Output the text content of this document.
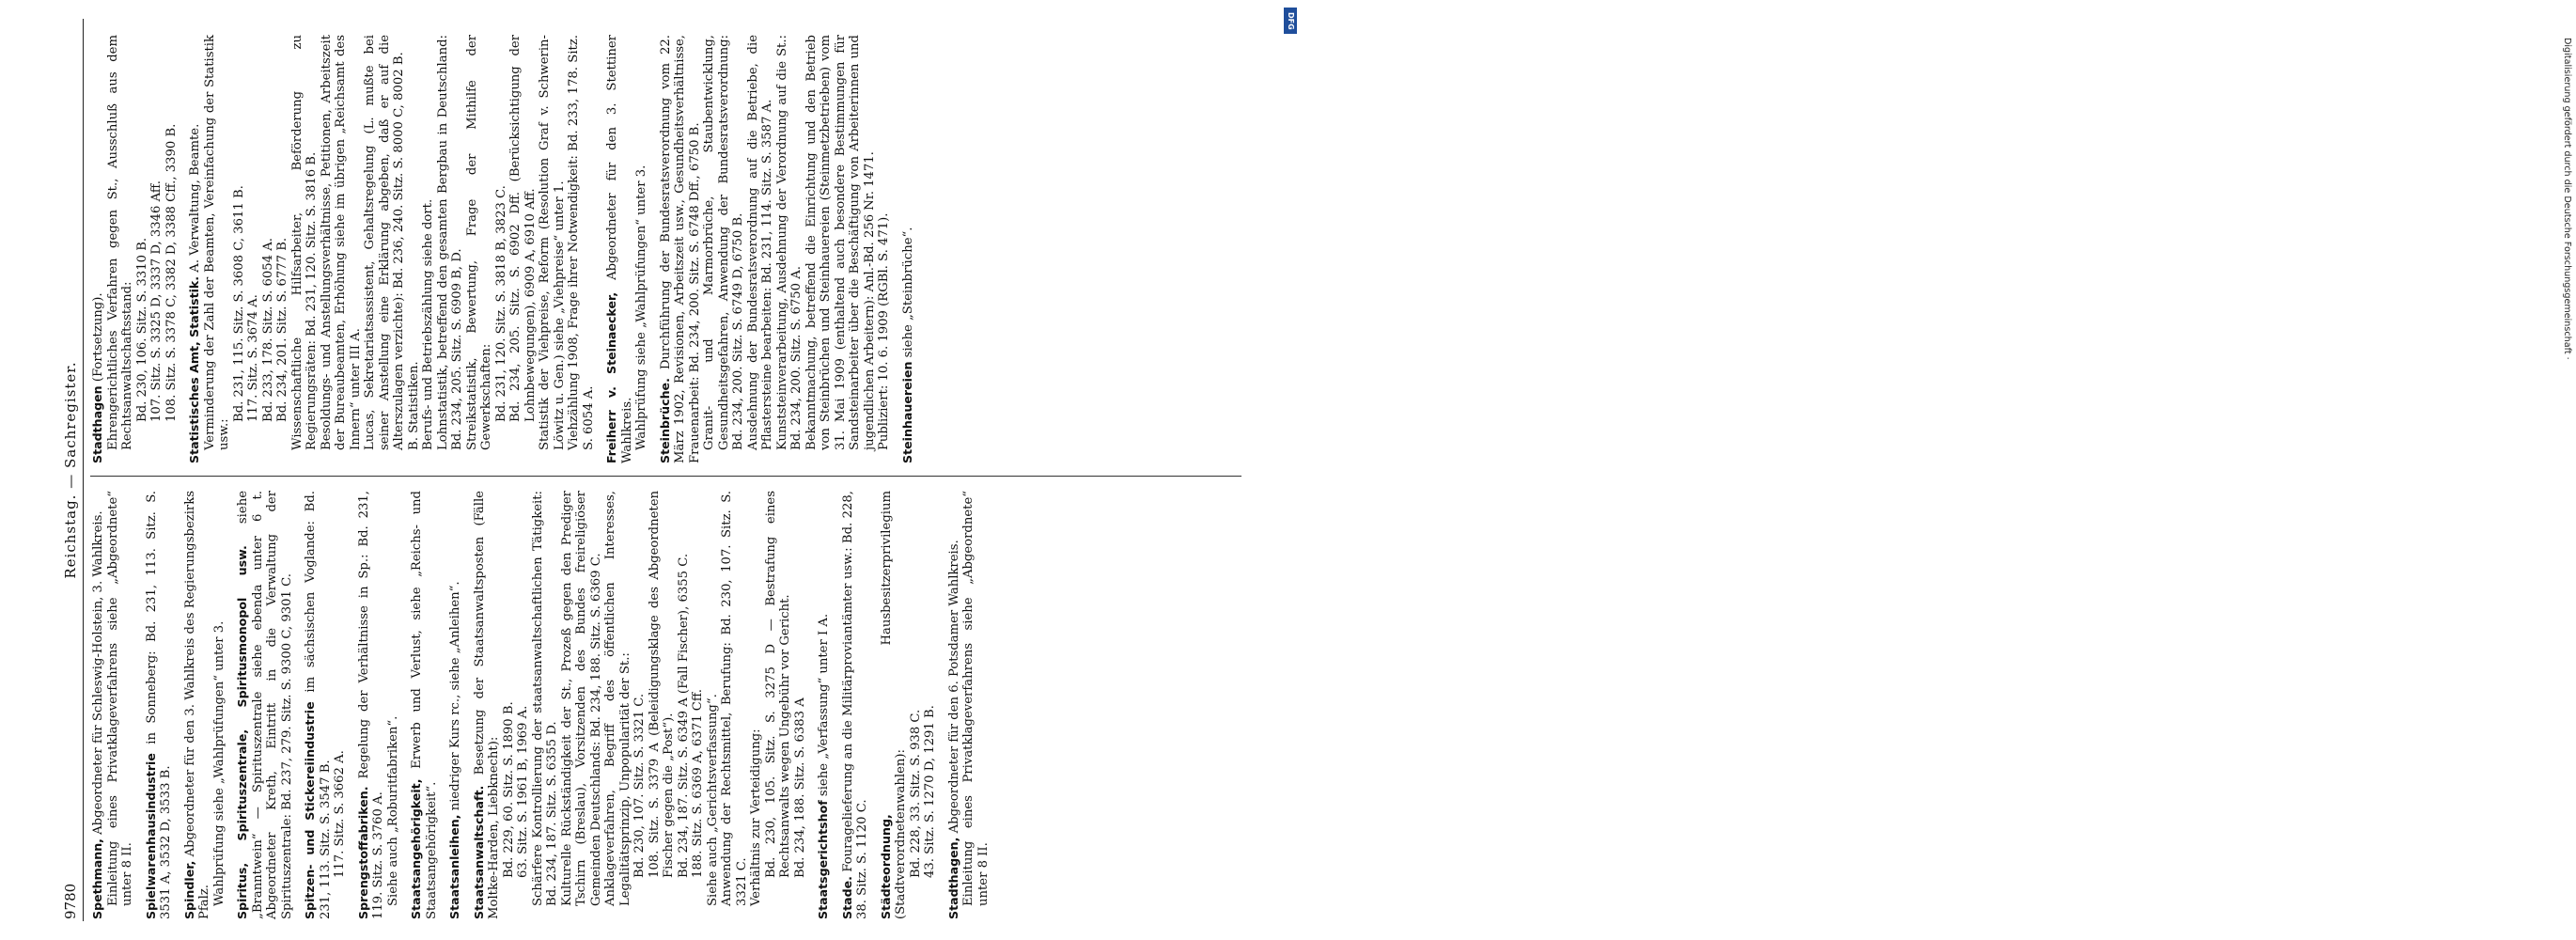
9780
Reichstag. — Sachregister.

Spethmann, Abgeordneter für Schleswig-Holstein, 3. Wahlkreis. Einleitung eines Privatklageverfahrens siehe „Abgeordnete“ unter 8 II. Spielwarenhausindustrie in Sonneberg: Bd. 231, 113. Sitz. S. 3531 A, 3532 D, 3533 B. Spindler, Abgeordneter für den 3. Wahlkreis des Regierungsbezirks Pfalz. Wahlprüfung siehe „Wahlprüfungen“ unter 3. Spiritus, Spirituszentrale, Spiritusmonopol usw. siehe „Branntwein“ — Spirituszentrale siehe ebenda unter 6 t. Abgeordneter Kreth, Eintritt in die Verwaltung der Spirituszentrale: Bd. 237, 279. Sitz. S. 9300 C, 9301 C. Spitzen- und Stickereiindustrie im sächsischen Voglande: Bd. 231, 113. Sitz. S. 3547 B. 117. Sitz. S. 3662 A. Sprengstoffabriken. Regelung der Verhältnisse in Sp.: Bd. 231, 119. Sitz. S. 3760 A. Siehe auch „Roburitfabriken“. Staatsangehörigkeit, Erwerb und Verlust, siehe „Reichs- und Staatsangehörigkeit“. Staatsanleihen, niedriger Kurs rc., siehe „Anleihen“.

Staatsanwaltschaft. Besetzung der Staatsanwaltsposten (Fälle Moltke-Harden, Liebknecht): Bd. 229, 60. Sitz. S. 1890 B. 63. Sitz. S. 1961 B, 1969 A. Schärfere Kontrollierung der staatsanwaltschaftlichen Tätigkeit: Bd. 234, 187. Sitz. S. 6355 D. Kulturelle Rückständigkeit der St., Prozeß gegen den Prediger Tschirn (Breslau), Vorsitzenden des Bundes freireligiöser Gemeinden Deutschlands: Bd. 234, 188. Sitz. S. 6369 C. Anklageverfahren, Begriff des öffentlichen Interesses, Legalitätsprinzip, Unpopularität der St.: Bd. 230, 107. Sitz. S. 3321 C. 108. Sitz. S. 3379 A (Beleidigungsklage des Abgeordneten Fischer gegen die „Post“). Bd. 234, 187. Sitz. S. 6349 A (Fall Fischer), 6355 C. 188. Sitz. S. 6369 A, 6371 Cff. Siehe auch „Gerichtsverfassung“. Anwendung der Rechtsmittel, Berufung: Bd. 230, 107. Sitz. S. 3321 C. Verhältnis zur Verteidigung: Bd. 230, 105. Sitz. S. 3275 D — Bestrafung eines Rechtsanwalts wegen Ungebühr vor Gericht. Bd. 234, 188. Sitz. S. 6383 A Staatsgerichtshof siehe „Verfassung“ unter I A.

Stade. Fouragelieferung an die Militärproviantämter usw.: Bd. 228, 38. Sitz. S. 1120 C. Städteordnung, Hausbesitzerprivilegium (Stadtverordnetenwahlen): Bd. 228, 33. Sitz. S. 938 C. 43. Sitz. S. 1270 D, 1291 B.

Stadthagen, Abgeordneter für den 6. Potsdamer Wahlkreis. Einleitung eines Privatklageverfahrens siehe „Abgeordnete“ unter 8 II.

Stadthagen (Fortsetzung). Ehrengerichtliches Verfahren gegen St., Ausschluß aus dem Rechtsanwaltschaftsstand: Bd. 230, 106. Sitz. S. 3310 B. 107. Sitz. S. 3325 D, 3337 D, 3346 Aff. 108. Sitz. S. 3378 C, 3382 D, 3388 Cff., 3390 B. Statistisches Amt, Statistik. A. Verwaltung, Beamte. Verminderung der Zahl der Beamten, Vereinfachung der Statistik usw.:

Bd. 231, 115. Sitz. S. 3608 C, 3611 B. 117. Sitz. S. 3674 A. Bd. 233, 178. Sitz. S. 6054 A. Bd. 234, 201. Sitz. S. 6777 B. Wissenschaftliche Hilfsarbeiter, Beförderung zu Regierungsräten: Bd. 231, 120. Sitz. S. 3816 B. Besoldungs- und Anstellungsverhältnisse, Petitionen, Arbeitszeit der Bureaubeamten, Erhöhung siehe im übrigen „Reichsamt des Innern“ unter III A. Lucas, Sekretariatsassistent, Gehaltsregelung (L. mußte bei seiner Anstellung eine Erklärung abgeben, daß er auf die Alterszulagen verzichte): Bd. 236, 240. Sitz. S. 8000 C, 8002 B. B. Statistiken. Berufs- und Betriebszählung siehe dort. Lohnstatistik, betreffend den gesamten Bergbau in Deutschland: Bd. 234, 205. Sitz. S. 6909 B, D. Streikstatistik, Bewertung, Frage der Mithilfe der Gewerkschaften: Bd. 231, 120. Sitz. S. 3818 B, 3823 C. Bd. 234, 205. Sitz. S. 6902 Dff. (Berücksichtigung der Lohnbewegungen), 6909 A, 6910 Aff. Statistik der Viehpreise, Reform (Resolution Graf v. Schwerin-Löwitz u. Gen.) siehe „Viehpreise“ unter 1. Viehzählung 1908, Frage ihrer Notwendigkeit: Bd. 233, 178. Sitz. S. 6054 A. Freiherr v. Steinaecker, Abgeordneter für den 3. Stettiner Wahlkreis. Wahlprüfung siehe „Wahlprüfungen“ unter 3. Steinbrüche. Durchführung der Bundesratsverordnung vom 22. März 1902, Revisionen, Arbeitszeit usw., Gesundheitsverhältnisse, Frauenarbeit: Bd. 234, 200. Sitz. S. 6748 Dff., 6750 B. Granit- und Marmorbrüche, Staubentwicklung, Gesundheitsgefahren, Anwendung der Bundesratsverordnung: Bd. 234, 200. Sitz. S. 6749 D, 6750 B. Ausdehnung der Bundesratsverordnung auf die Betriebe, die Pflastersteine bearbeiten: Bd. 231, 114. Sitz. S. 3587 A. Kunststeinverarbeitung, Ausdehnung der Verordnung auf die St.: Bd. 234, 200. Sitz. S. 6750 A. Bekanntmachung, betreffend die Einrichtung und den Betrieb von Steinbrüchen und Steinhauereien (Steinmetzbetrieben) vom 31. Mai 1909 (enthaltend auch besondere Bestimmungen für Sandsteinarbeiter über die Beschäftigung von Arbeiterinnen und jugendlichen Arbeitern): Anl.-Bd. 256 Nr. 1471. Publiziert: 10. 6. 1909 (RGBl. S. 471). Steinhauereien siehe „Steinbrüche“.	Digitalisierung gefördert durch die Deutsche Forschungsgemeinschaft ·
DFG
